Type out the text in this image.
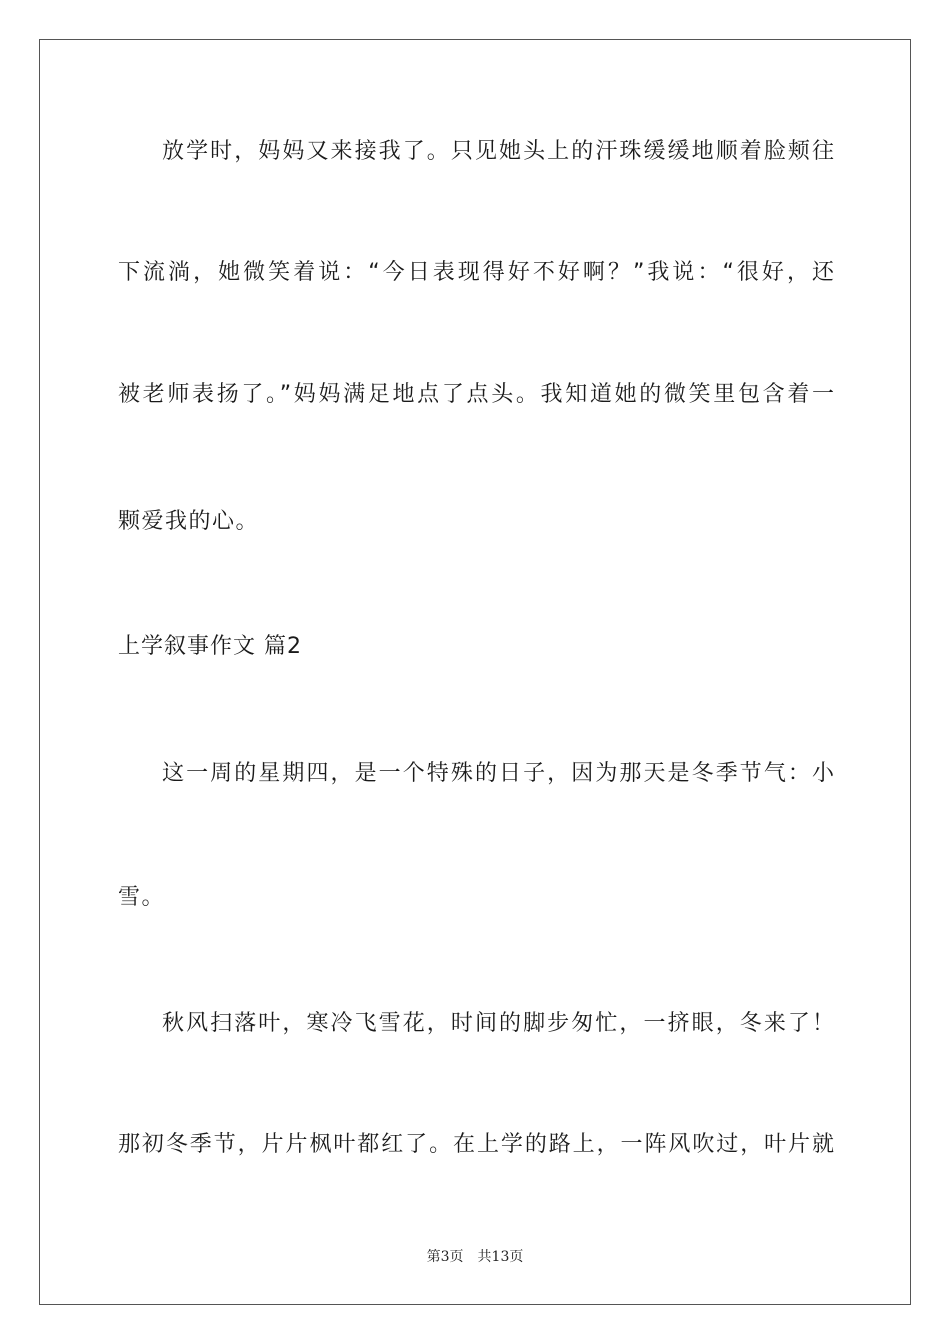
放学时，妈妈又来接我了。只见她头上的汗珠缓缓地顺着脸颊往
下流淌，她微笑着说：“今日表现得好不好啊？”我说：“很好，还
被老师表扬了。”妈妈满足地点了点头。我知道她的微笑里包含着一
颗爱我的心。
上学叙事作文 篇2
这一周的星期四，是一个特殊的日子，因为那天是冬季节气：小
雪。
秋风扫落叶，寒冷飞雪花，时间的脚步匆忙，一挤眼，冬来了！
那初冬季节，片片枫叶都红了。在上学的路上，一阵风吹过，叶片就
第3页 共13页
